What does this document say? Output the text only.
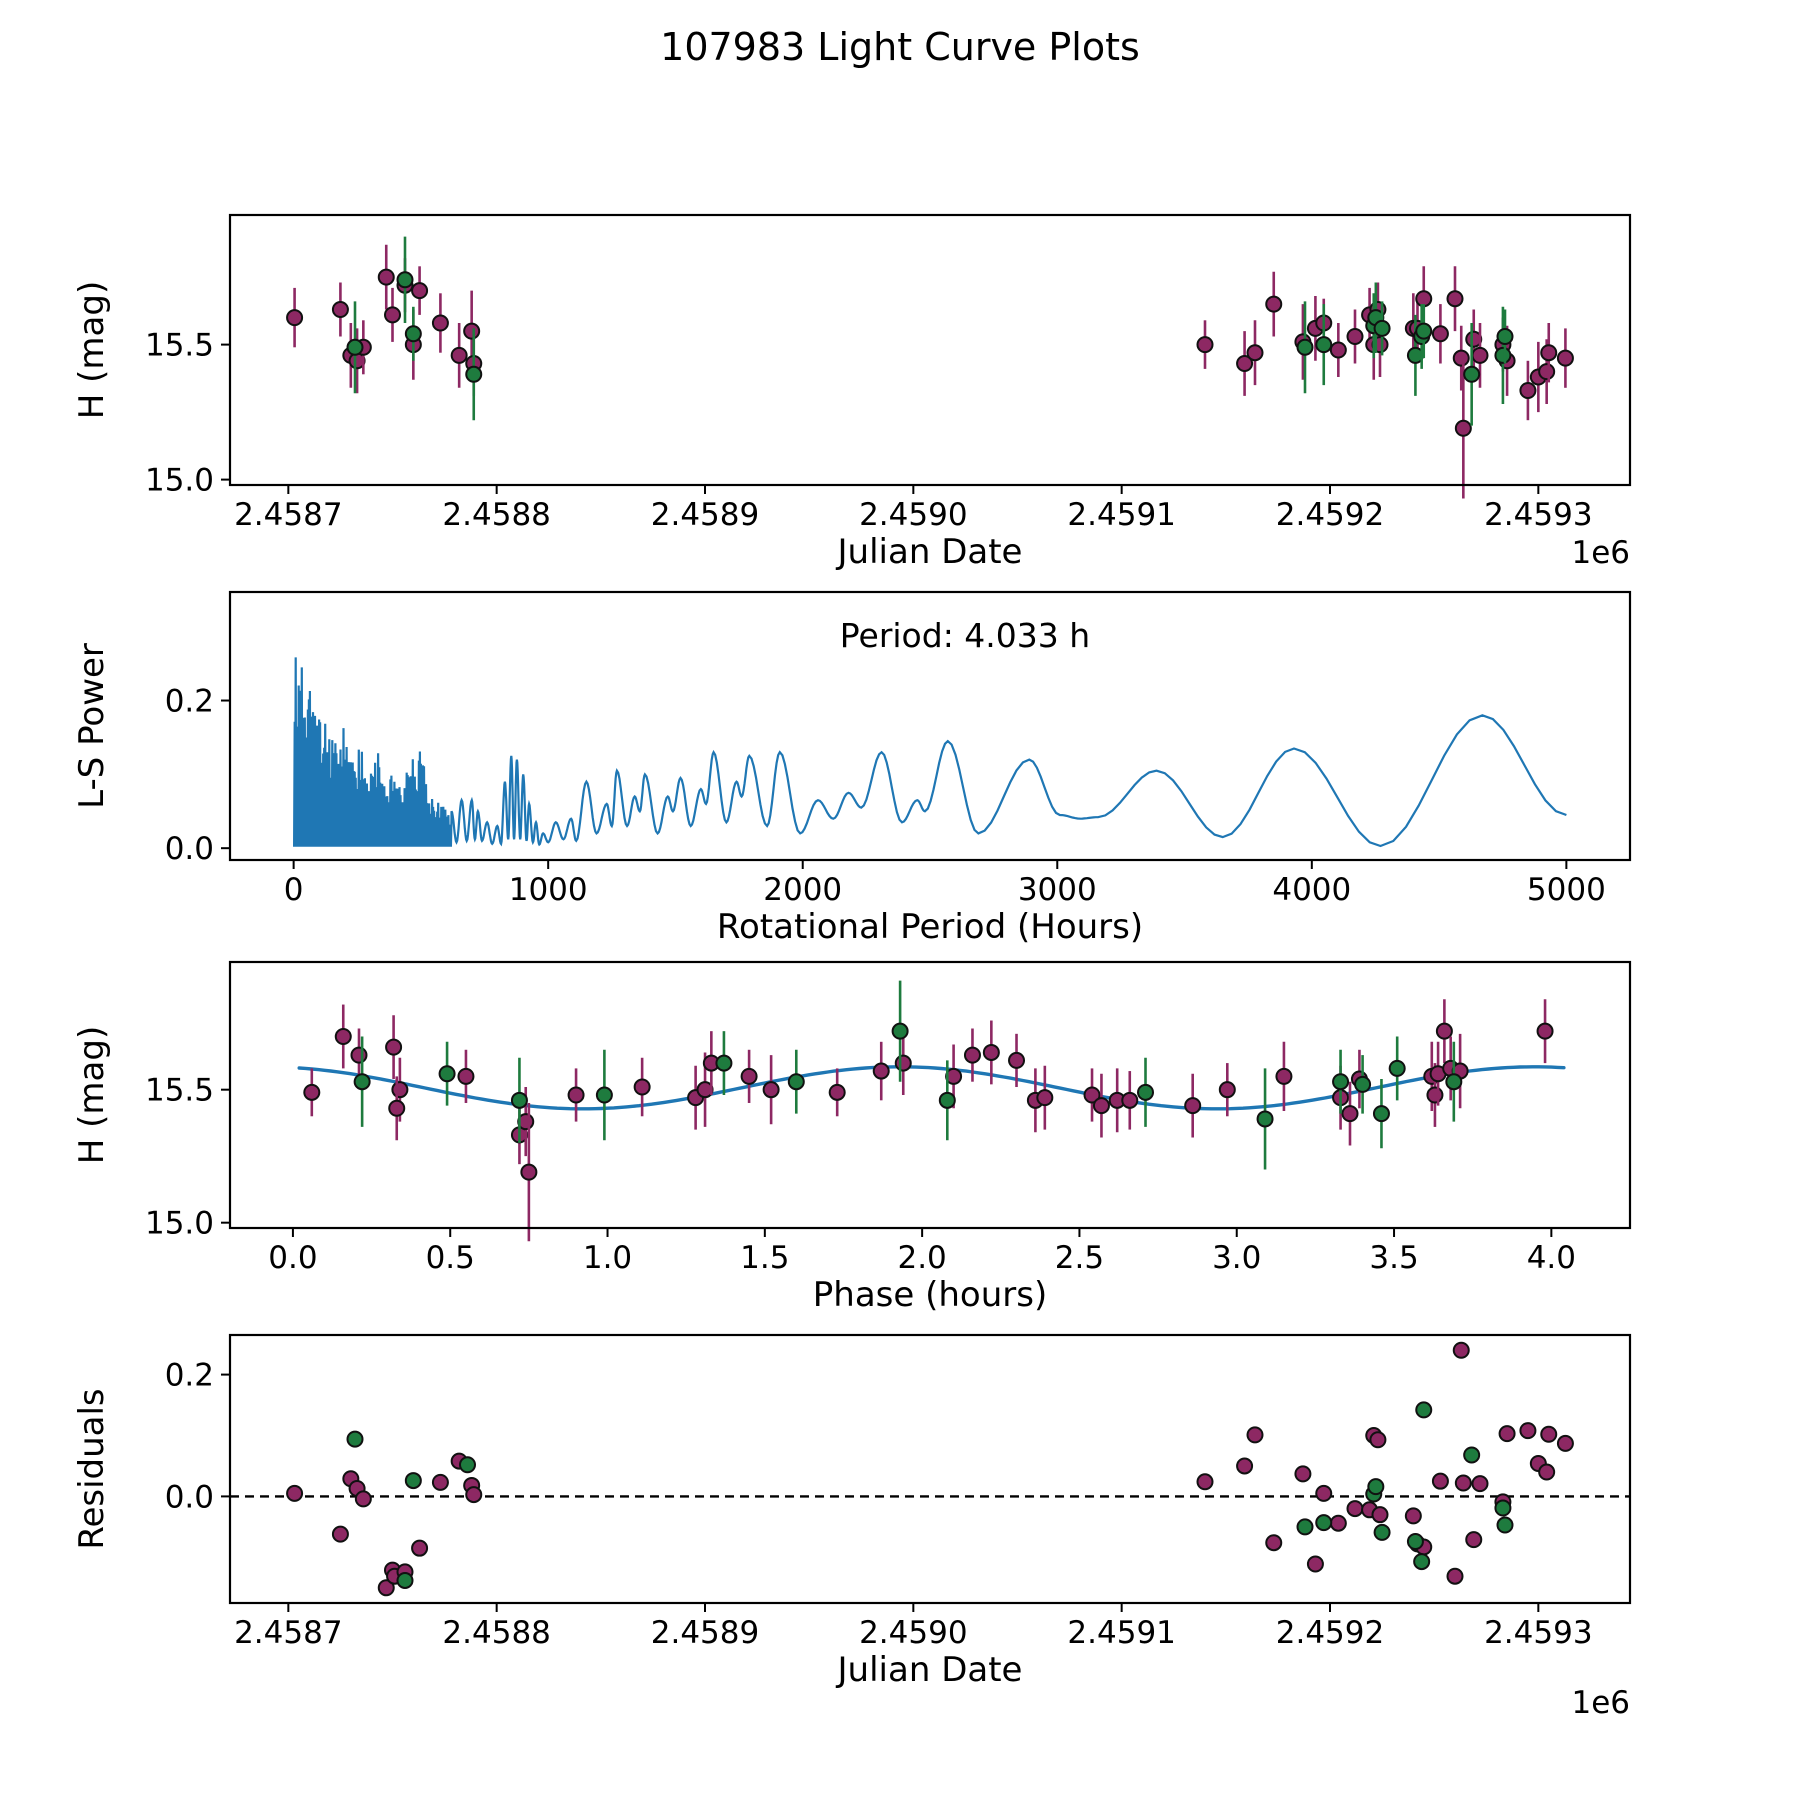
107983 Light Curve Plots
2.4587	2.4588	2.4589	2.4590	2.4591	2.4592	2.4593
15.0
15.5
Julian Date
H (mag)
1e6
0	1000	2000	3000	4000	5000
0.0
0.2
Rotational Period (Hours)
L-S Power
Period: 4.033 h
0.0	0.5	1.0	1.5	2.0	2.5	3.0	3.5	4.0
15.0
15.5
Phase (hours)
H (mag)
2.4587	2.4588	2.4589	2.4590	2.4591	2.4592	2.4593
0.0
0.2
Julian Date
Residuals
1e6
